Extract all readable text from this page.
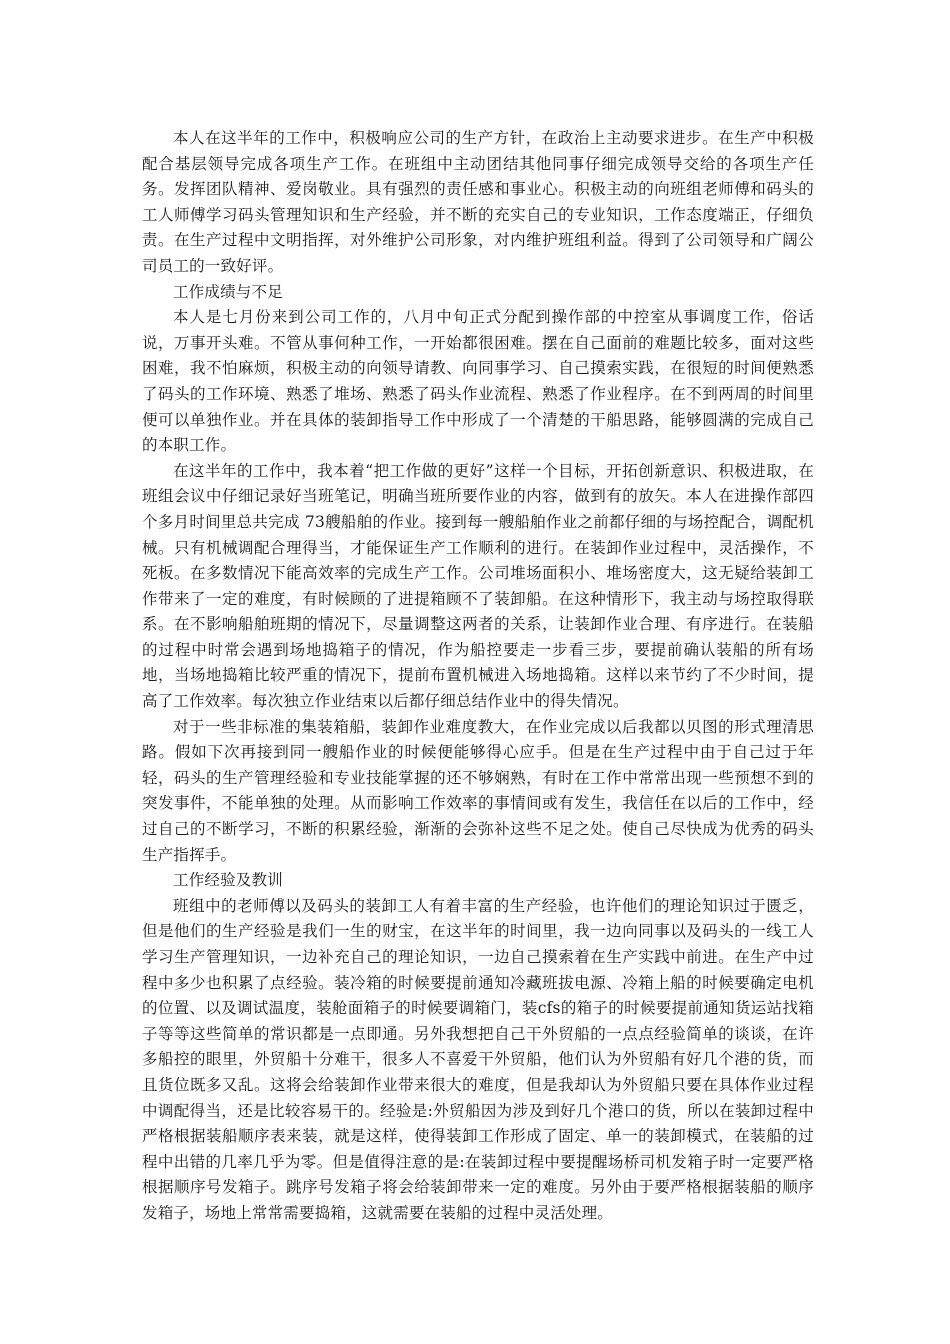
本人在这半年的工作中，积极响应公司的生产方针，在政治上主动要求进步。在生产中积极配合基层领导完成各项生产工作。在班组中主动团结其他同事仔细完成领导交给的各项生产任务。发挥团队精神、爱岗敬业。具有强烈的责任感和事业心。积极主动的向班组老师傅和码头的工人师傅学习码头管理知识和生产经验，并不断的充实自己的专业知识，工作态度端正，仔细负责。在生产过程中文明指挥，对外维护公司形象，对内维护班组利益。得到了公司领导和广阔公司员工的一致好评。

工作成绩与不足

本人是七月份来到公司工作的，八月中旬正式分配到操作部的中控室从事调度工作，俗话说，万事开头难。不管从事何种工作，一开始都很困难。摆在自己面前的难题比较多，面对这些困难，我不怕麻烦，积极主动的向领导请教、向同事学习、自己摸索实践，在很短的时间便熟悉了码头的工作环境、熟悉了堆场、熟悉了码头作业流程、熟悉了作业程序。在不到两周的时间里便可以单独作业。并在具体的装卸指导工作中形成了一个清楚的干船思路，能够圆满的完成自己的本职工作。

在这半年的工作中，我本着“把工作做的更好”这样一个目标，开拓创新意识、积极进取，在班组会议中仔细记录好当班笔记，明确当班所要作业的内容，做到有的放矢。本人在进操作部四个多月时间里总共完成 73艘船舶的作业。接到每一艘船舶作业之前都仔细的与场控配合，调配机械。只有机械调配合理得当，才能保证生产工作顺利的进行。在装卸作业过程中，灵活操作，不死板。在多数情况下能高效率的完成生产工作。公司堆场面积小、堆场密度大，这无疑给装卸工作带来了一定的难度，有时候顾的了进提箱顾不了装卸船。在这种情形下，我主动与场控取得联系。在不影响船舶班期的情况下，尽量调整这两者的关系，让装卸作业合理、有序进行。在装船的过程中时常会遇到场地捣箱子的情况，作为船控要走一步看三步，要提前确认装船的所有场地，当场地捣箱比较严重的情况下，提前布置机械进入场地捣箱。这样以来节约了不少时间，提高了工作效率。每次独立作业结束以后都仔细总结作业中的得失情况。

对于一些非标准的集装箱船，装卸作业难度教大，在作业完成以后我都以贝图的形式理清思路。假如下次再接到同一艘船作业的时候便能够得心应手。但是在生产过程中由于自己过于年轻，码头的生产管理经验和专业技能掌握的还不够娴熟，有时在工作中常常出现一些预想不到的突发事件，不能单独的处理。从而影响工作效率的事情间或有发生，我信任在以后的工作中，经过自己的不断学习，不断的积累经验，渐渐的会弥补这些不足之处。使自己尽快成为优秀的码头生产指挥手。

工作经验及教训

班组中的老师傅以及码头的装卸工人有着丰富的生产经验，也许他们的理论知识过于匮乏，但是他们的生产经验是我们一生的财宝，在这半年的时间里，我一边向同事以及码头的一线工人学习生产管理知识，一边补充自己的理论知识，一边自己摸索着在生产实践中前进。在生产中过程中多少也积累了点经验。装冷箱的时候要提前通知冷藏班拔电源、冷箱上船的时候要确定电机的位置、以及调试温度，装舱面箱子的时候要调箱门，装cfs的箱子的时候要提前通知货运站找箱子等等这些简单的常识都是一点即通。另外我想把自己干外贸船的一点点经验简单的谈谈，在许多船控的眼里，外贸船十分难干，很多人不喜爱干外贸船，他们认为外贸船有好几个港的货，而且货位既多又乱。这将会给装卸作业带来很大的难度，但是我却认为外贸船只要在具体作业过程中调配得当，还是比较容易干的。经验是:外贸船因为涉及到好几个港口的货，所以在装卸过程中严格根据装船顺序表来装，就是这样，使得装卸工作形成了固定、单一的装卸模式，在装船的过程中出错的几率几乎为零。但是值得注意的是:在装卸过程中要提醒场桥司机发箱子时一定要严格根据顺序号发箱子。跳序号发箱子将会给装卸带来一定的难度。另外由于要严格根据装船的顺序发箱子，场地上常常需要捣箱，这就需要在装船的过程中灵活处理。
